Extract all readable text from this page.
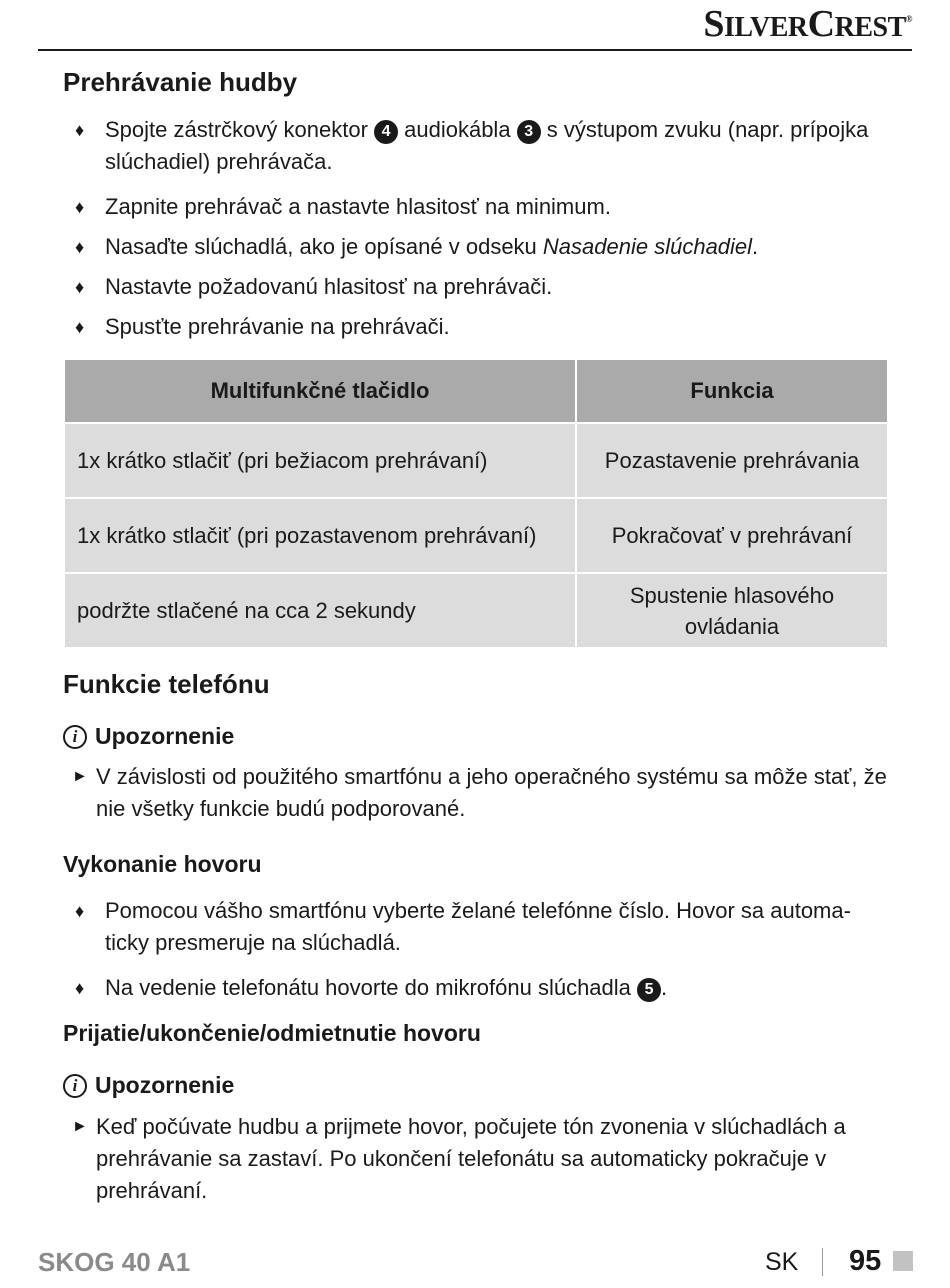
SILVERCREST®
Prehrávanie hudby
♦ Spojte zástrčkový konektor 4 audiokábla 3 s výstupom zvuku (napr. prípojka slúchadiel) prehrávača.
♦ Zapnite prehrávač a nastavte hlasitosť na minimum.
♦ Nasaďte slúchadlá, ako je opísané v odseku Nasadenie slúchadiel.
♦ Nastavte požadovanú hlasitosť na prehrávači.
♦ Spusťte prehrávanie na prehrávači.
Multifunkčné tlačidlo	Funkcia
1x krátko stlačiť (pri bežiacom prehrávaní)	Pozastavenie prehrávania
1x krátko stlačiť (pri pozastavenom prehrávaní)	Pokračovať v prehrávaní
podržte stlačené na cca 2 sekundy	Spustenie hlasového ovládania
Funkcie telefónu
i Upozornenie
► V závislosti od použitého smartfónu a jeho operačného systému sa môže stať, že nie všetky funkcie budú podporované.
Vykonanie hovoru
♦ Pomocou vášho smartfónu vyberte želané telefónne číslo. Hovor sa automa-ticky presmeruje na slúchadlá.
♦ Na vedenie telefonátu hovorte do mikrofónu slúchadla 5 .
Prijatie/ukončenie/odmietnutie hovoru
i Upozornenie
► Keď počúvate hudbu a prijmete hovor, počujete tón zvonenia v slúchadlách a prehrávanie sa zastaví. Po ukončení telefonátu sa automaticky pokračuje v prehrávaní.
SKOG 40 A1	SK 95
